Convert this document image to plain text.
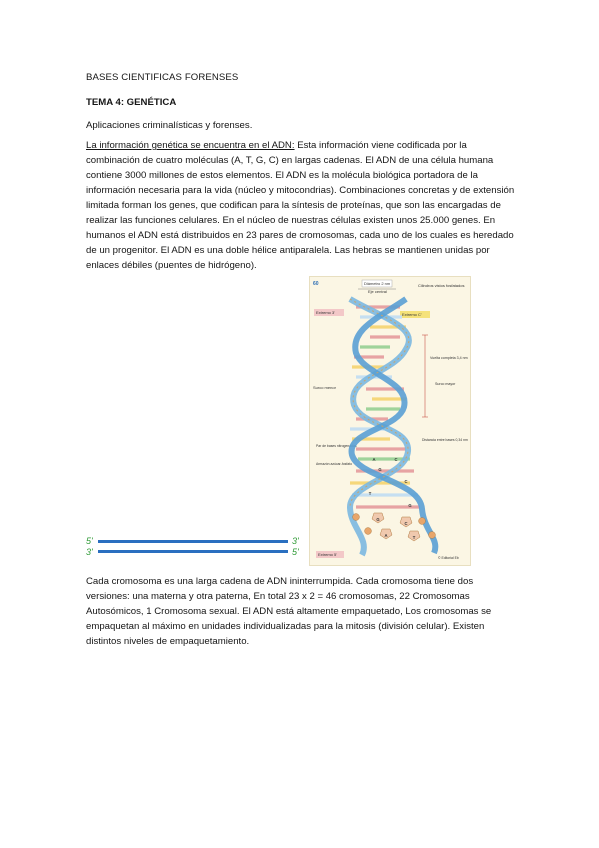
BASES CIENTIFICAS FORENSES
TEMA 4: GENÉTICA
Aplicaciones criminalísticas y forenses.
La información genética se encuentra en el ADN: Esta información viene codificada por la combinación de cuatro moléculas (A, T, G, C) en largas cadenas. El ADN de una célula humana contiene 3000 millones de estos elementos. El ADN es la molécula biológica portadora de la información necesaria para la vida (núcleo y mitocondrias). Combinaciones concretas y de extensión limitada forman los genes, que codifican para la síntesis de proteínas, que son las encargadas de realizar las funciones celulares. En el núcleo de nuestras células existen unos 25.000 genes. En humanos el ADN está distribuidos en 23 pares de cromosomas, cada uno de los cuales es heredado de un progenitor. El ADN es una doble hélice antiparalela. Las hebras se mantienen unidas por enlaces débiles (puentes de hidrógeno).
5'	3'
3'	5'
60	Diámetro 2 nm
Eje central
Cilindros vistos fosfatados
Extremo 3'	Extremo C'
Vuelta completa 3,4 nm
Surco menor
Surco mayor
Distancia entre bases 0,34 nm
Par de bases nitrogenadas
Armazón azúcar-fosfato
Extremo 5'
© Editorial Eb
G
C
A	T
T
C
G
A	C
G
Cada cromosoma es una larga cadena de ADN ininterrumpida. Cada cromosoma tiene dos versiones: una materna y otra paterna, En total 23 x 2 = 46 cromosomas, 22 Cromosomas Autosómicos, 1 Cromosoma sexual. El ADN está altamente empaquetado, Los cromosomas se empaquetan al máximo en unidades individualizadas para la mitosis (división celular). Existen distintos niveles de empaquetamiento.
